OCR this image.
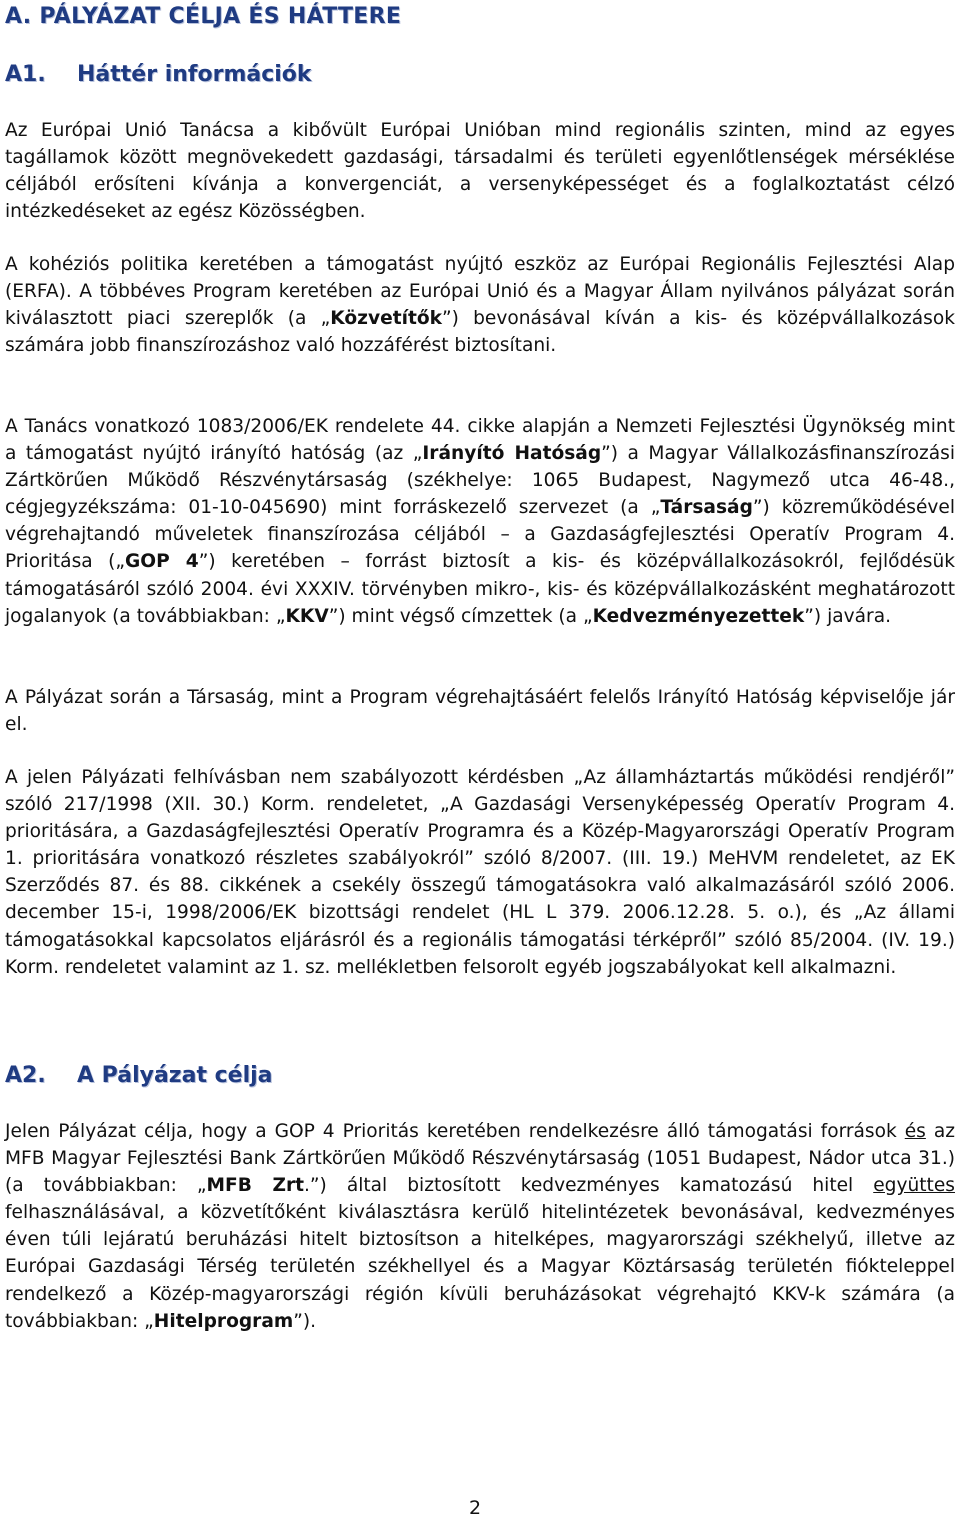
A. PÁLYÁZAT CÉLJA ÉS HÁTTERE
A1. Háttér információk

Az Európai Unió Tanácsa a kibővült Európai Unióban mind regionális szinten, mind az egyes tagállamok között megnövekedett gazdasági, társadalmi és területi egyenlőtlenségek mérséklése céljából erősíteni kívánja a konvergenciát, a versenyképességet és a foglalkoztatást célzó intézkedéseket az egész Közösségben.

A kohéziós politika keretében a támogatást nyújtó eszköz az Európai Regionális Fejlesztési Alap (ERFA). A többéves Program keretében az Európai Unió és a Magyar Állam nyilvános pályázat során kiválasztott piaci szereplők (a „Közvetítők”) bevonásával kíván a kis- és középvállalkozások számára jobb finanszírozáshoz való hozzáférést biztosítani.

A Tanács vonatkozó 1083/2006/EK rendelete 44. cikke alapján a Nemzeti Fejlesztési Ügynökség mint a támogatást nyújtó irányító hatóság (az „Irányító Hatóság”) a Magyar Vállalkozásfinanszírozási Zártkörűen Működő Részvénytársaság (székhelye: 1065 Budapest, Nagymező utca 46-48., cégjegyzékszáma: 01-10-045690) mint forráskezelő szervezet (a „Társaság”) közreműködésével végrehajtandó műveletek finanszírozása céljából – a Gazdaságfejlesztési Operatív Program 4. Prioritása („GOP 4”) keretében – forrást biztosít a kis- és középvállalkozásokról, fejlődésük támogatásáról szóló 2004. évi XXXIV. törvényben mikro-, kis- és középvállalkozásként meghatározott jogalanyok (a továbbiakban: „KKV”) mint végső címzettek (a „Kedvezményezettek”) javára.

A Pályázat során a Társaság, mint a Program végrehajtásáért felelős Irányító Hatóság képviselője jár el.

A jelen Pályázati felhívásban nem szabályozott kérdésben „Az államháztartás működési rendjéről” szóló 217/1998 (XII. 30.) Korm. rendeletet, „A Gazdasági Versenyképesség Operatív Program 4. prioritására, a Gazdaságfejlesztési Operatív Programra és a Közép-Magyarországi Operatív Program 1. prioritására vonatkozó részletes szabályokról” szóló 8/2007. (III. 19.) MeHVM rendeletet, az EK Szerződés 87. és 88. cikkének a csekély összegű támogatásokra való alkalmazásáról szóló 2006. december 15-i, 1998/2006/EK bizottsági rendelet (HL L 379. 2006.12.28. 5. o.), és „Az állami támogatásokkal kapcsolatos eljárásról és a regionális támogatási térképről” szóló 85/2004. (IV. 19.) Korm. rendeletet valamint az 1. sz. mellékletben felsorolt egyéb jogszabályokat kell alkalmazni.

A2. A Pályázat célja

Jelen Pályázat célja, hogy a GOP 4 Prioritás keretében rendelkezésre álló támogatási források és az MFB Magyar Fejlesztési Bank Zártkörűen Működő Részvénytársaság (1051 Budapest, Nádor utca 31.) (a továbbiakban: „MFB Zrt.”) által biztosított kedvezményes kamatozású hitel együttes felhasználásával, a közvetítőként kiválasztásra kerülő hitelintézetek bevonásával, kedvezményes éven túli lejáratú beruházási hitelt biztosítson a hitelképes, magyarországi székhelyű, illetve az Európai Gazdasági Térség területén székhellyel és a Magyar Köztársaság területén fiókteleppel rendelkező a Közép-magyarországi régión kívüli beruházásokat végrehajtó KKV-k számára (a továbbiakban: „Hitelprogram”).

2
